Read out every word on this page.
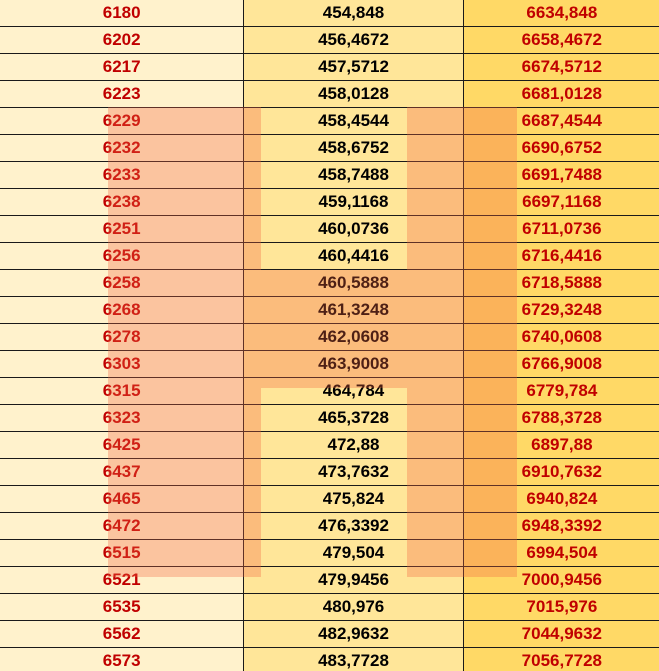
6180	454,848	6634,848
6202	456,4672	6658,4672
6217	457,5712	6674,5712
6223	458,0128	6681,0128
6229	458,4544	6687,4544
6232	458,6752	6690,6752
6233	458,7488	6691,7488
6238	459,1168	6697,1168
6251	460,0736	6711,0736
6256	460,4416	6716,4416
6258	460,5888	6718,5888
6268	461,3248	6729,3248
6278	462,0608	6740,0608
6303	463,9008	6766,9008
6315	464,784	6779,784
6323	465,3728	6788,3728
6425	472,88	6897,88
6437	473,7632	6910,7632
6465	475,824	6940,824
6472	476,3392	6948,3392
6515	479,504	6994,504
6521	479,9456	7000,9456
6535	480,976	7015,976
6562	482,9632	7044,9632
6573	483,7728	7056,7728
